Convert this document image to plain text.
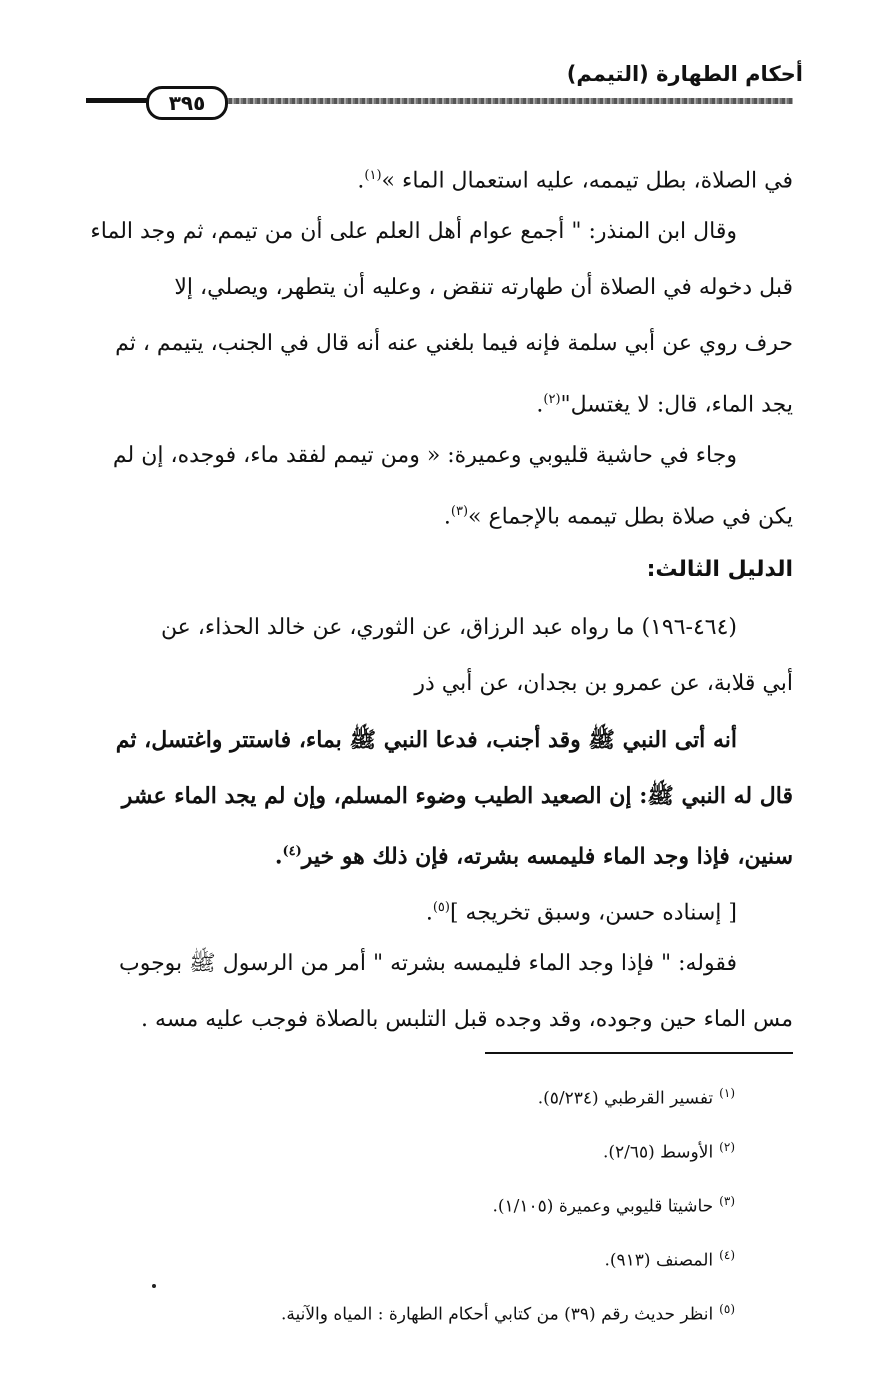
أحكام الطهارة (التيمم)
٣٩٥
في الصلاة، بطل تيممه، عليه استعمال الماء »$^{(١)}$.
وقال ابن المنذر: " أجمع عوام أهل العلم على أن من تيمم، ثم وجد الماء
قبل دخوله في الصلاة أن طهارته تنقض ، وعليه أن يتطهر، ويصلي، إلا
حرف روي عن أبي سلمة فإنه فيما بلغني عنه أنه قال في الجنب، يتيمم ، ثم
يجد الماء، قال: لا يغتسل"$^{(٢)}$.
وجاء في حاشية قليوبي وعميرة: « ومن تيمم لفقد ماء، فوجده، إن لم
يكن في صلاة بطل تيممه بالإجماع »$^{(٣)}$.
الدليل الثالث:
(٤٦٤-١٩٦) ما رواه عبد الرزاق، عن الثوري، عن خالد الحذاء، عن
أبي قلابة، عن عمرو بن بجدان، عن أبي ذر
أنه أتى النبي ﷺ وقد أجنب، فدعا النبي ﷺ بماء، فاستتر واغتسل، ثم
قال له النبي ﷺ: إن الصعيد الطيب وضوء المسلم، وإن لم يجد الماء عشر
سنين، فإذا وجد الماء فليمسه بشرته، فإن ذلك هو خير$^{(٤)}$.
[ إسناده حسن، وسبق تخريجه ]$^{(٥)}$.
فقوله: " فإذا وجد الماء فليمسه بشرته " أمر من الرسول ﷺ بوجوب
مس الماء حين وجوده، وقد وجده قبل التلبس بالصلاة فوجب عليه مسه .
$^{(١)}$تفسير القرطبي (٥/٢٣٤).
$^{(٢)}$الأوسط (٢/٦٥).
$^{(٣)}$حاشيتا قليوبي وعميرة (١/١٠٥).
$^{(٤)}$المصنف (٩١٣).
$^{(٥)}$انظر حديث رقم (٣٩) من كتابي أحكام الطهارة : المياه والآنية.
